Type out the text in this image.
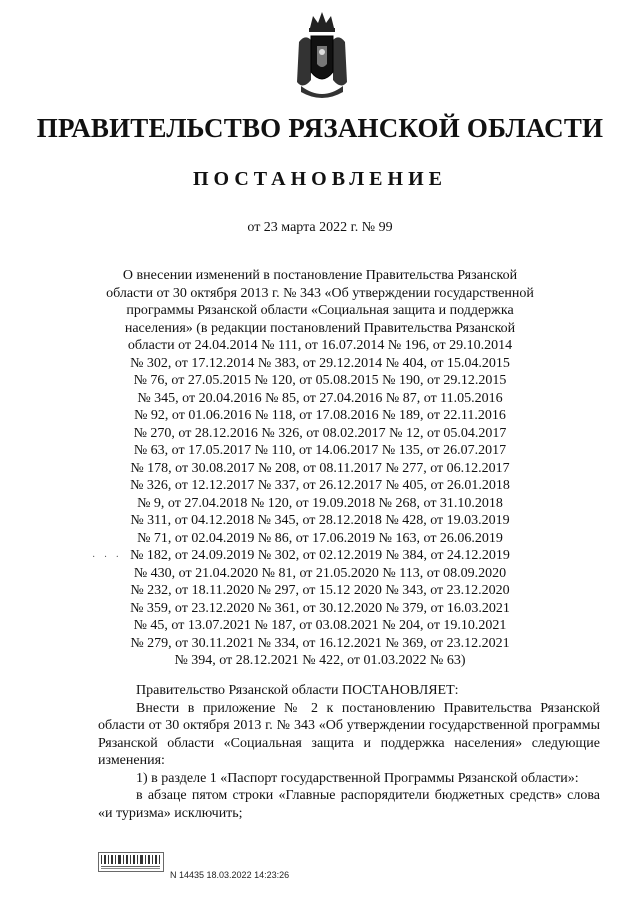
ПРАВИТЕЛЬСТВО РЯЗАНСКОЙ ОБЛАСТИ
ПОСТАНОВЛЕНИЕ
от 23 марта 2022 г. № 99
О внесении изменений в постановление Правительства Рязанской
области от 30 октября 2013 г. № 343 «Об утверждении государственной
программы Рязанской области «Социальная защита и поддержка
населения» (в редакции постановлений Правительства Рязанской
области от 24.04.2014 № 111, от 16.07.2014 № 196, от 29.10.2014
№ 302, от 17.12.2014 № 383, от 29.12.2014 № 404, от 15.04.2015
№ 76, от 27.05.2015 № 120, от 05.08.2015 № 190, от 29.12.2015
№ 345, от 20.04.2016 № 85, от 27.04.2016 № 87, от 11.05.2016
№ 92, от 01.06.2016 № 118, от 17.08.2016 № 189, от 22.11.2016
№ 270, от 28.12.2016 № 326, от 08.02.2017 № 12, от 05.04.2017
№ 63, от 17.05.2017 № 110, от 14.06.2017 № 135, от 26.07.2017
№ 178, от 30.08.2017 № 208, от 08.11.2017 № 277, от 06.12.2017
№ 326, от 12.12.2017 № 337, от 26.12.2017 № 405, от 26.01.2018
№ 9, от 27.04.2018 № 120, от 19.09.2018 № 268, от 31.10.2018
№ 311, от 04.12.2018 № 345, от 28.12.2018 № 428, от 19.03.2019
№ 71, от 02.04.2019 № 86, от 17.06.2019 № 163, от 26.06.2019
№ 182, от 24.09.2019 № 302, от 02.12.2019 № 384, от 24.12.2019
№ 430, от 21.04.2020 № 81, от 21.05.2020 № 113, от 08.09.2020
№ 232, от 18.11.2020 № 297, от 15.12 2020 № 343, от 23.12.2020
№ 359, от 23.12.2020 № 361, от 30.12.2020 № 379, от 16.03.2021
№ 45, от 13.07.2021 № 187, от 03.08.2021 № 204, от 19.10.2021
№ 279, от 30.11.2021 № 334, от 16.12.2021 № 369, от 23.12.2021
№ 394, от 28.12.2021 № 422, от 01.03.2022 № 63)
· · ·

Правительство Рязанской области ПОСТАНОВЛЯЕТ:

Внести в приложение № 2 к постановлению Правительства Рязанской области от 30 октября 2013 г. № 343 «Об утверждении государственной программы Рязанской области «Социальная защита и поддержка населения» следующие изменения:

1) в разделе 1 «Паспорт государственной Программы Рязанской области»:

в абзаце пятом строки «Главные распорядители бюджетных средств» слова «и туризма» исключить;

N 14435 18.03.2022 14:23:26
